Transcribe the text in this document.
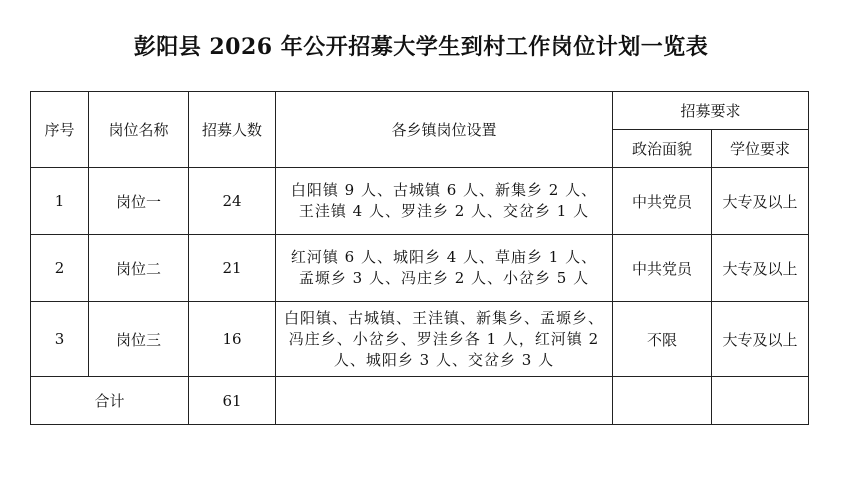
彭阳县 2026 年公开招募大学生到村工作岗位计划一览表
序号	岗位名称	招募人数	各乡镇岗位设置	招募要求	
				政治面貌	学位要求
1	岗位一	24	白阳镇 9 人、古城镇 6 人、新集乡 2 人、王洼镇 4 人、罗洼乡 2 人、交岔乡 1 人	中共党员	大专及以上
2	岗位二	21	红河镇 6 人、城阳乡 4 人、草庙乡 1 人、孟塬乡 3 人、冯庄乡 2 人、小岔乡 5 人	中共党员	大专及以上
3	岗位三	16	白阳镇、古城镇、王洼镇、新集乡、孟塬乡、冯庄乡、小岔乡、罗洼乡各 1 人，红河镇 2 人、城阳乡 3 人、交岔乡 3 人	不限	大专及以上
合计		61			
